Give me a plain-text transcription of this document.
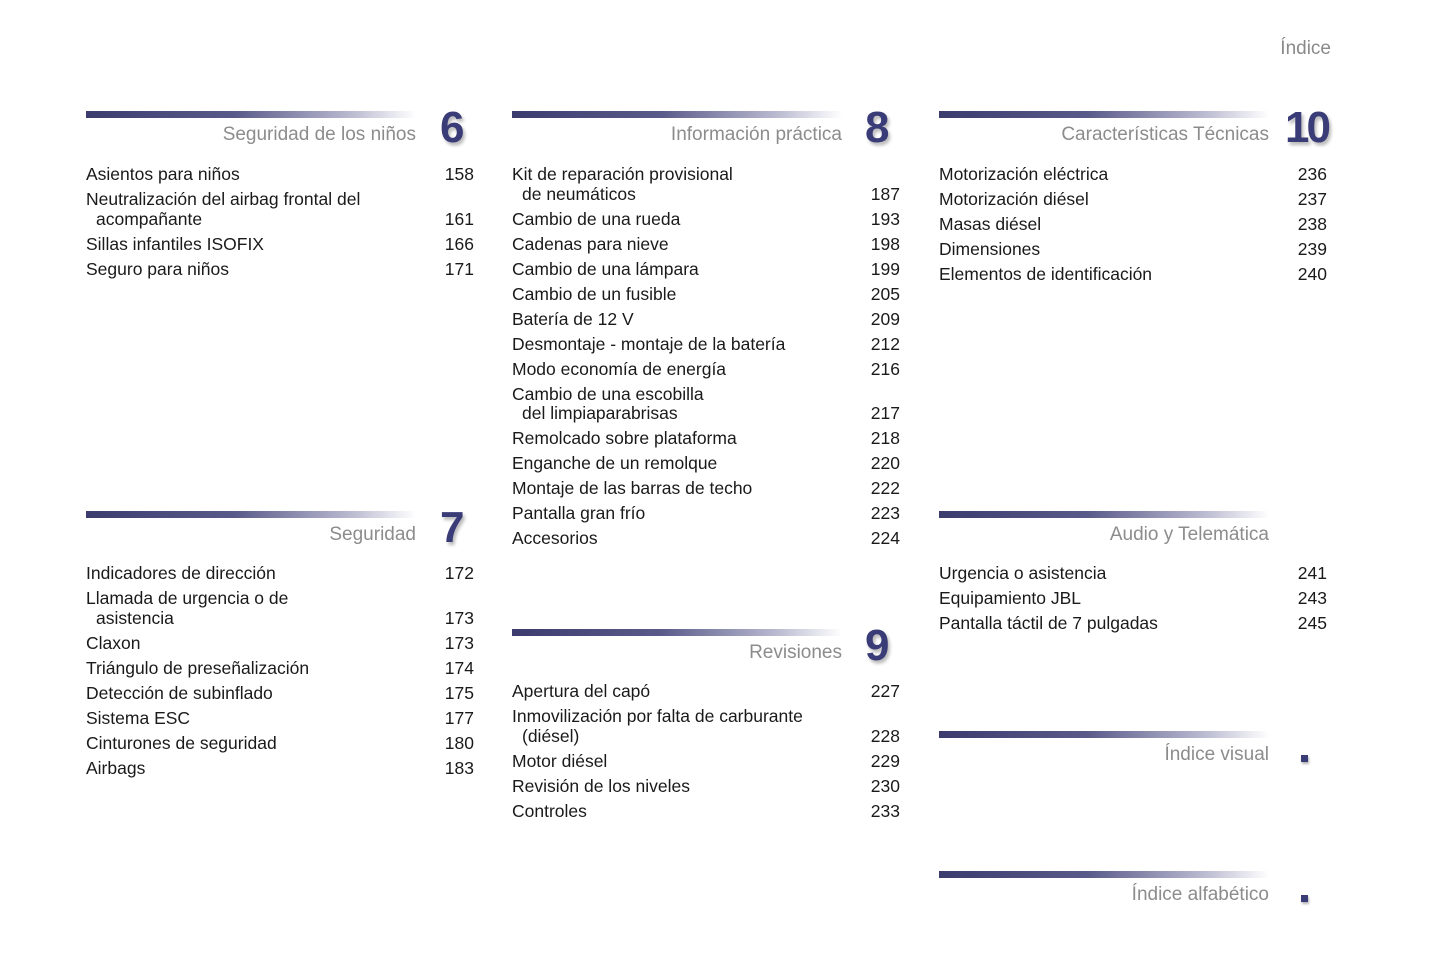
Índice
Seguridad de los niños 6
Asientos para niños	158
Neutralización del airbag frontal del
acompañante	161
Sillas infantiles ISOFIX	166
Seguro para niños	171
Seguridad 7
Indicadores de dirección	172
Llamada de urgencia o de
asistencia	173
Claxon	173
Triángulo de preseñalización	174
Detección de subinflado	175
Sistema ESC	177
Cinturones de seguridad	180
Airbags	183
Información práctica 8
Kit de reparación provisional
de neumáticos	187
Cambio de una rueda	193
Cadenas para nieve	198
Cambio de una lámpara	199
Cambio de un fusible	205
Batería de 12 V	209
Desmontaje - montaje de la batería	212
Modo economía de energía	216
Cambio de una escobilla
del limpiaparabrisas	217
Remolcado sobre plataforma	218
Enganche de un remolque	220
Montaje de las barras de techo	222
Pantalla gran frío	223
Accesorios	224
Revisiones 9
Apertura del capó	227
Inmovilización por falta de carburante
(diésel)	228
Motor diésel	229
Revisión de los niveles	230
Controles	233
Características Técnicas 10
Motorización eléctrica	236
Motorización diésel	237
Masas diésel	238
Dimensiones	239
Elementos de identificación	240
Audio y Telemática
Urgencia o asistencia	241
Equipamiento JBL	243
Pantalla táctil de 7 pulgadas	245
Índice visual
Índice alfabético
